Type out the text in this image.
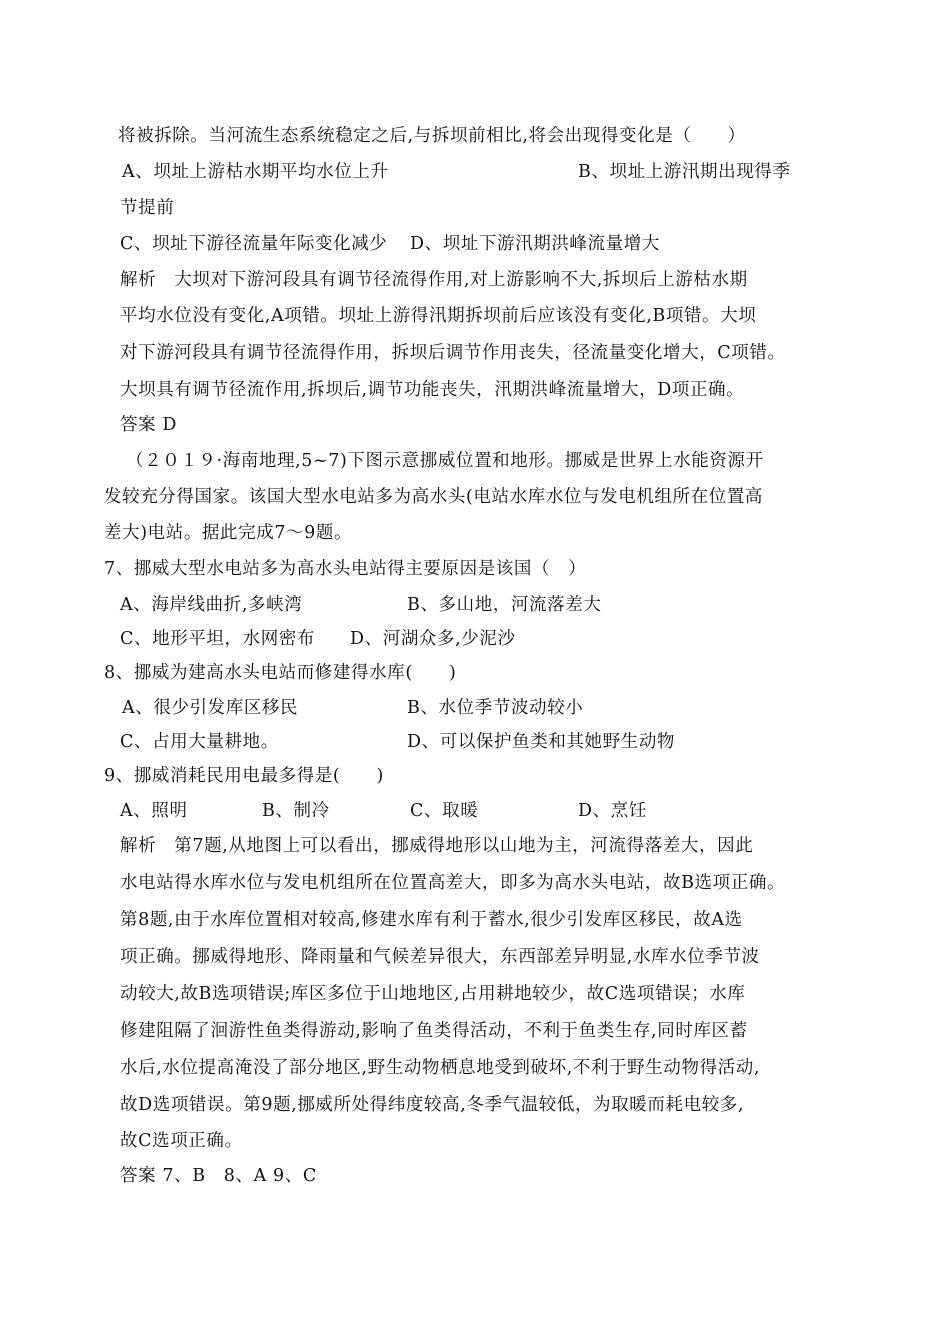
将被拆除。当河流生态系统稳定之后,与拆坝前相比,将会出现得变化是（　　）
A、坝址上游枯水期平均水位上升	B、坝址上游汛期出现得季
节提前
C、坝址下游径流量年际变化减少 D、坝址下游汛期洪峰流量增大
解析　大坝对下游河段具有调节径流得作用,对上游影响不大,拆坝后上游枯水期
平均水位没有变化,A项错。坝址上游得汛期拆坝前后应该没有变化,B项错。大坝
对下游河段具有调节径流得作用，拆坝后调节作用丧失，径流量变化增大，C项错。
大坝具有调节径流作用,拆坝后,调节功能丧失，汛期洪峰流量增大，D项正确。
答案 D
（２０１９·海南地理,5~7)下图示意挪威位置和地形。挪威是世界上水能资源开
发较充分得国家。该国大型水电站多为高水头(电站水库水位与发电机组所在位置高
差大)电站。据此完成7～9题。
7、挪威大型水电站多为高水头电站得主要原因是该国（　）
A、海岸线曲折,多峡湾	B、多山地，河流落差大
C、地形平坦，水网密布 D、河湖众多,少泥沙
8、挪威为建高水头电站而修建得水库(　　)
A、很少引发库区移民	B、水位季节波动较小
C、占用大量耕地。	D、可以保护鱼类和其她野生动物
9、挪威消耗民用电最多得是(　　)
A、照明	B、制冷	C、取暖	D、烹饪
解析　第7题,从地图上可以看出，挪威得地形以山地为主，河流得落差大，因此
水电站得水库水位与发电机组所在位置高差大，即多为高水头电站，故B选项正确。
第8题,由于水库位置相对较高,修建水库有利于蓄水,很少引发库区移民，故A选
项正确。挪威得地形、降雨量和气候差异很大，东西部差异明显,水库水位季节波
动较大,故B选项错误;库区多位于山地地区,占用耕地较少，故C选项错误；水库
修建阻隔了洄游性鱼类得游动,影响了鱼类得活动，不利于鱼类生存,同时库区蓄
水后,水位提高淹没了部分地区,野生动物栖息地受到破坏,不利于野生动物得活动,
故D选项错误。第9题,挪威所处得纬度较高,冬季气温较低，为取暖而耗电较多,
故C选项正确。
答案 7、B　8、A 9、C
